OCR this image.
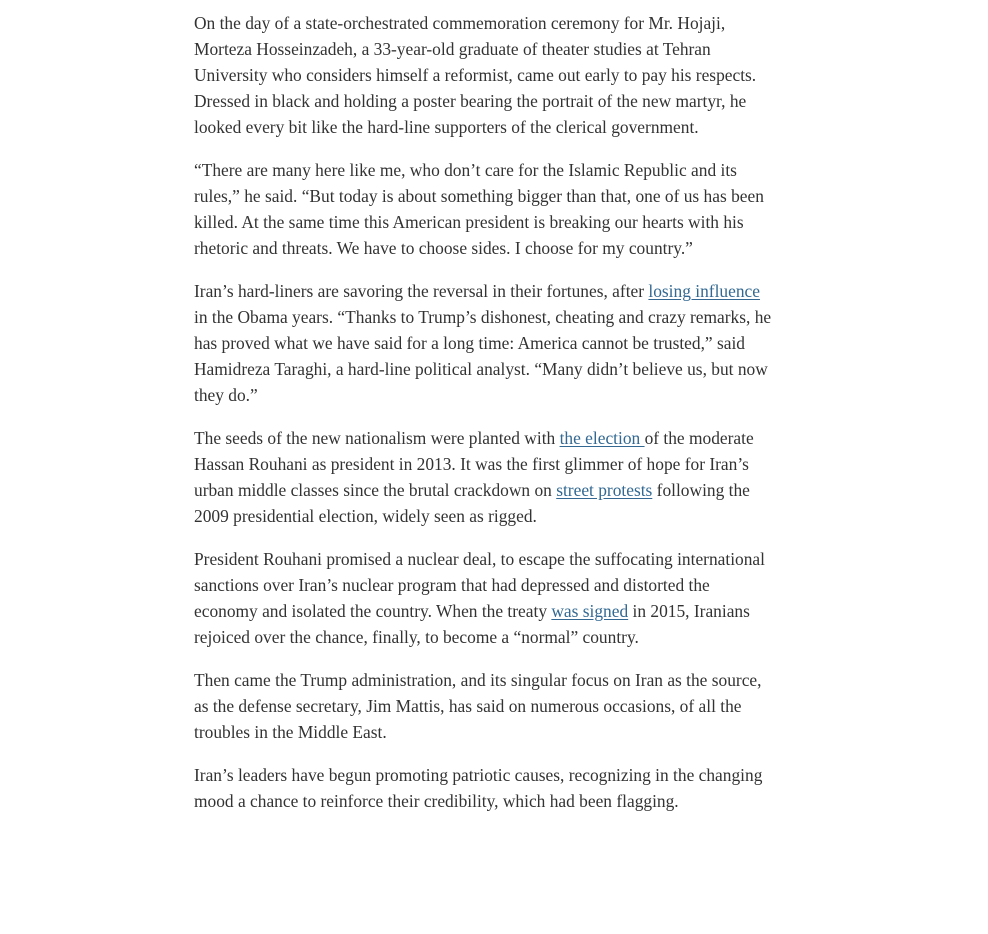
On the day of a state-orchestrated commemoration ceremony for Mr. Hojaji, Morteza Hosseinzadeh, a 33-year-old graduate of theater studies at Tehran University who considers himself a reformist, came out early to pay his respects. Dressed in black and holding a poster bearing the portrait of the new martyr, he looked every bit like the hard-line supporters of the clerical government.

“There are many here like me, who don’t care for the Islamic Republic and its rules,” he said. “But today is about something bigger than that, one of us has been killed. At the same time this American president is breaking our hearts with his rhetoric and threats. We have to choose sides. I choose for my country.”

Iran’s hard-liners are savoring the reversal in their fortunes, after losing influence in the Obama years. “Thanks to Trump’s dishonest, cheating and crazy remarks, he has proved what we have said for a long time: America cannot be trusted,” said Hamidreza Taraghi, a hard-line political analyst. “Many didn’t believe us, but now they do.”

The seeds of the new nationalism were planted with the election of the moderate Hassan Rouhani as president in 2013. It was the first glimmer of hope for Iran’s urban middle classes since the brutal crackdown on street protests following the 2009 presidential election, widely seen as rigged.

President Rouhani promised a nuclear deal, to escape the suffocating international sanctions over Iran’s nuclear program that had depressed and distorted the economy and isolated the country. When the treaty was signed in 2015, Iranians rejoiced over the chance, finally, to become a “normal” country.

Then came the Trump administration, and its singular focus on Iran as the source, as the defense secretary, Jim Mattis, has said on numerous occasions, of all the troubles in the Middle East.

Iran’s leaders have begun promoting patriotic causes, recognizing in the changing mood a chance to reinforce their credibility, which had been flagging.
